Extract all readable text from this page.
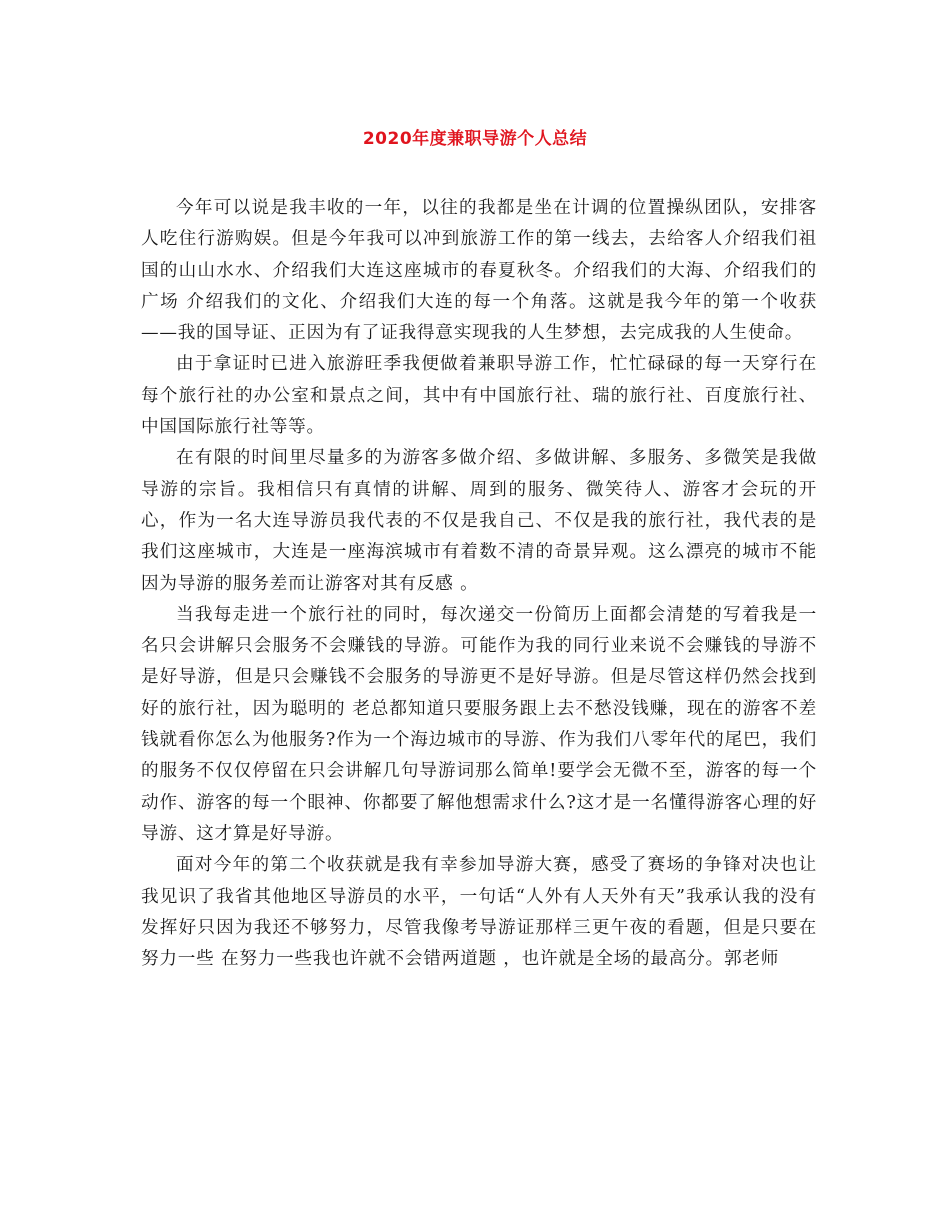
2020年度兼职导游个人总结

今年可以说是我丰收的一年，以往的我都是坐在计调的位置操纵团队，安排客人吃住行游购娱。但是今年我可以冲到旅游工作的第一线去，去给客人介绍我们祖国的山山水水、介绍我们大连这座城市的春夏秋冬。介绍我们的大海、介绍我们的广场 介绍我们的文化、介绍我们大连的每一个角落。这就是我今年的第一个收获——我的国导证、正因为有了证我得意实现我的人生梦想，去完成我的人生使命。

由于拿证时已进入旅游旺季我便做着兼职导游工作，忙忙碌碌的每一天穿行在每个旅行社的办公室和景点之间，其中有中国旅行社、瑞的旅行社、百度旅行社、中国国际旅行社等等。

在有限的时间里尽量多的为游客多做介绍、多做讲解、多服务、多微笑是我做导游的宗旨。我相信只有真情的讲解、周到的服务、微笑待人、游客才会玩的开心，作为一名大连导游员我代表的不仅是我自己、不仅是我的旅行社，我代表的是我们这座城市，大连是一座海滨城市有着数不清的奇景异观。这么漂亮的城市不能因为导游的服务差而让游客对其有反感 。

当我每走进一个旅行社的同时，每次递交一份简历上面都会清楚的写着我是一名只会讲解只会服务不会赚钱的导游。可能作为我的同行业来说不会赚钱的导游不是好导游，但是只会赚钱不会服务的导游更不是好导游。但是尽管这样仍然会找到好的旅行社，因为聪明的 老总都知道只要服务跟上去不愁没钱赚，现在的游客不差钱就看你怎么为他服务?作为一个海边城市的导游、作为我们八零年代的尾巴，我们的服务不仅仅停留在只会讲解几句导游词那么简单!要学会无微不至，游客的每一个动作、游客的每一个眼神、你都要了解他想需求什么?这才是一名懂得游客心理的好导游、这才算是好导游。

面对今年的第二个收获就是我有幸参加导游大赛，感受了赛场的争锋对决也让我见识了我省其他地区导游员的水平，一句话“人外有人天外有天”我承认我的没有发挥好只因为我还不够努力，尽管我像考导游证那样三更午夜的看题，但是只要在努力一些 在努力一些我也许就不会错两道题 ，也许就是全场的最高分。郭老师
